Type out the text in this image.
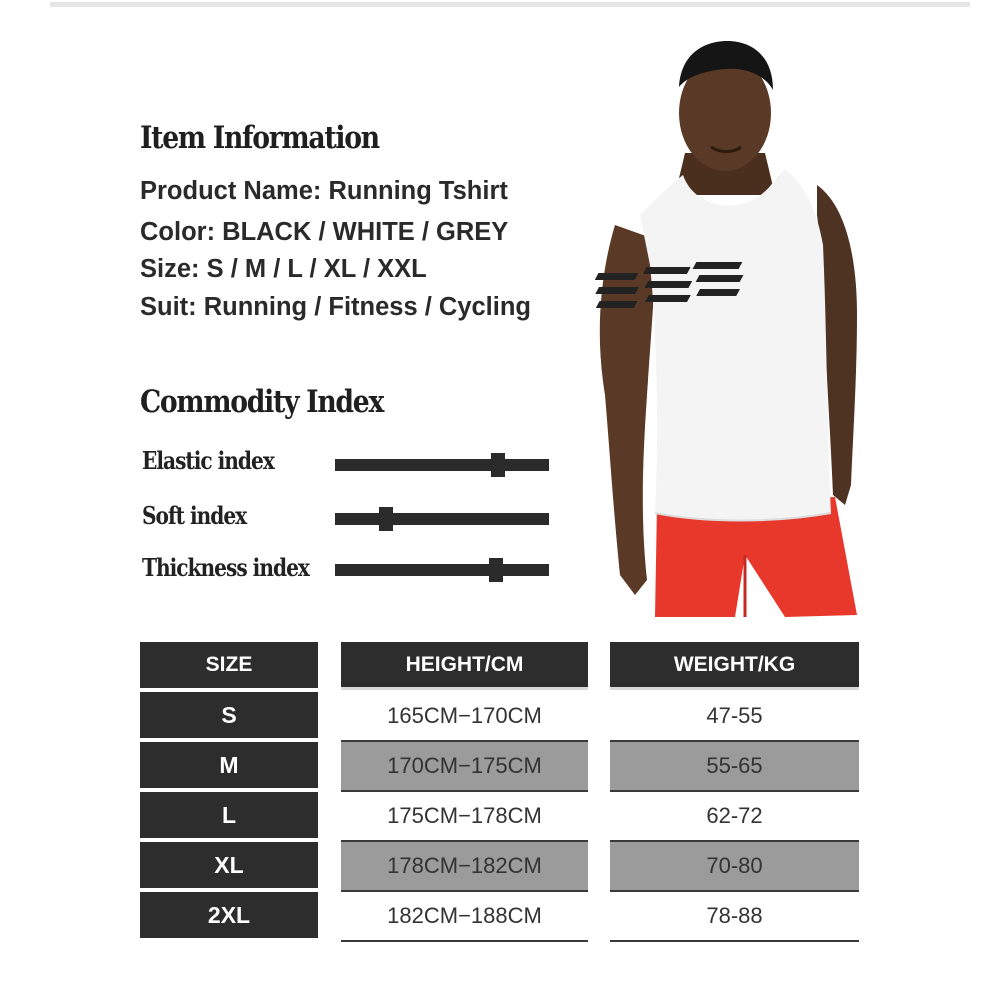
Item Information
Product Name: Running Tshirt
Color: BLACK / WHITE / GREY
Size: S / M / L / XL / XXL
Suit: Running / Fitness / Cycling
Commodity Index
Elastic index
Soft index
Thickness index
SIZE	HEIGHT/CM	WEIGHT/KG
S	165CM−170CM	47-55
M	170CM−175CM	55-65
L	175CM−178CM	62-72
XL	178CM−182CM	70-80
2XL	182CM−188CM	78-88
